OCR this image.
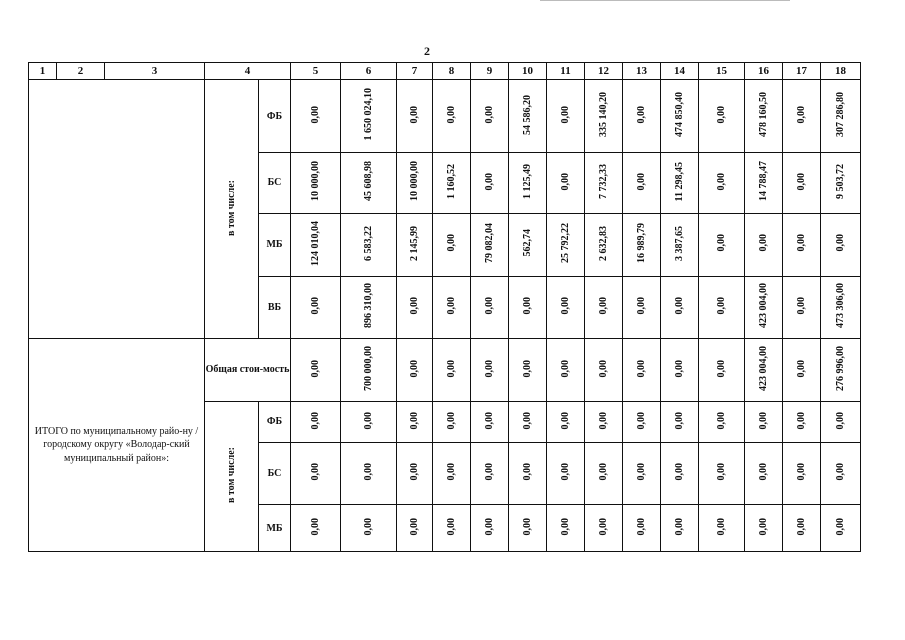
2
1	2	3	4		5	6	7	8	9	10	11	12	13	14	15	16	17	18
			в том числе:	ФБ	0,00	1 650 024,10	0,00	0,00	0,00	54 586,20	0,00	335 140,20	0,00	474 850,40	0,00	478 160,50	0,00	307 286,80
				БС	10 000,00	45 608,98	10 000,00	1 160,52	0,00	1 125,49	0,00	7 732,33	0,00	11 298,45	0,00	14 788,47	0,00	9 503,72
				МБ	124 010,04	6 583,22	2 145,99	0,00	79 082,04	562,74	25 792,22	2 632,83	16 989,79	3 387,65	0,00	0,00	0,00	0,00
				ВБ	0,00	896 310,00	0,00	0,00	0,00	0,00	0,00	0,00	0,00	0,00	0,00	423 004,00	0,00	473 306,00
ИТОГО по муниципальному райо-ну / городскому округу «Володар-ский муниципальный район»:			Общая стои-мость		0,00	700 000,00	0,00	0,00	0,00	0,00	0,00	0,00	0,00	0,00	0,00	423 004,00	0,00	276 996,00
			в том числе:	ФБ	0,00	0,00	0,00	0,00	0,00	0,00	0,00	0,00	0,00	0,00	0,00	0,00	0,00	0,00
				БС	0,00	0,00	0,00	0,00	0,00	0,00	0,00	0,00	0,00	0,00	0,00	0,00	0,00	0,00
				МБ	0,00	0,00	0,00	0,00	0,00	0,00	0,00	0,00	0,00	0,00	0,00	0,00	0,00	0,00
